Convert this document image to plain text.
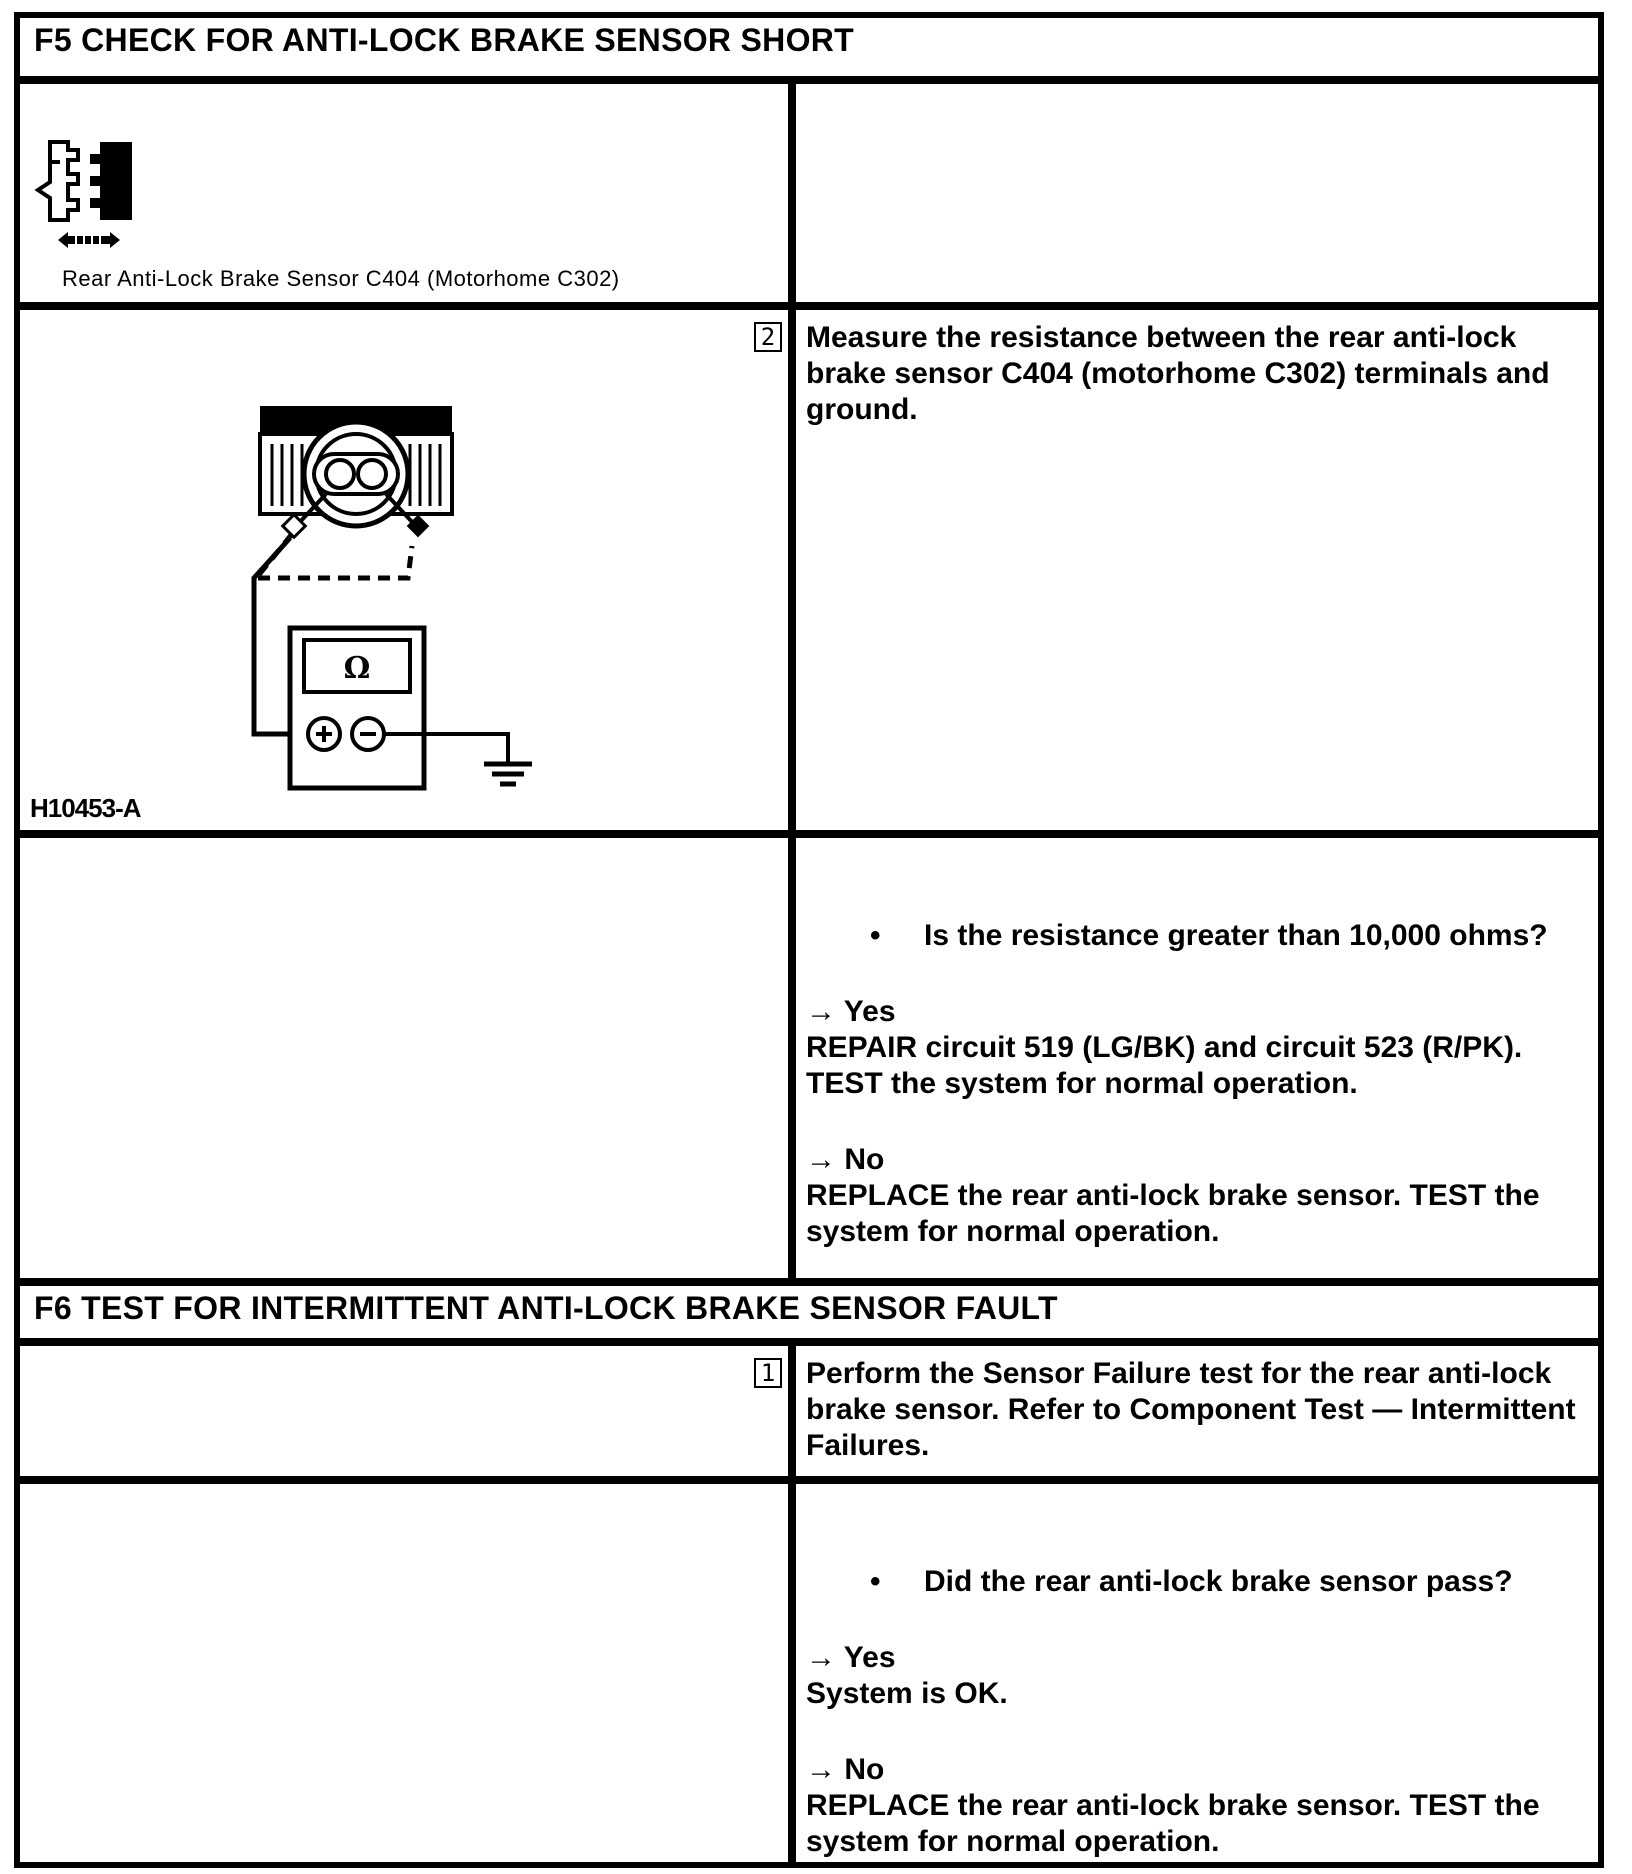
F5 CHECK FOR ANTI-LOCK BRAKE SENSOR SHORT
Rear Anti-Lock Brake Sensor C404 (Motorhome C302)
2
Ω
H10453-A
Measure the resistance between the rear anti-lock brake sensor C404 (motorhome C302) terminals and ground.
•	Is the resistance greater than 10,000 ohms?
→ Yes
REPAIR circuit 519 (LG/BK) and circuit 523 (R/PK). TEST the system for normal operation.
→ No
REPLACE the rear anti-lock brake sensor. TEST the system for normal operation.
F6 TEST FOR INTERMITTENT ANTI-LOCK BRAKE SENSOR FAULT
1 Perform the Sensor Failure test for the rear anti-lock brake sensor. Refer to Component Test — Intermittent Failures.
•	Did the rear anti-lock brake sensor pass?
→ Yes
System is OK.
→ No
REPLACE the rear anti-lock brake sensor. TEST the system for normal operation.
